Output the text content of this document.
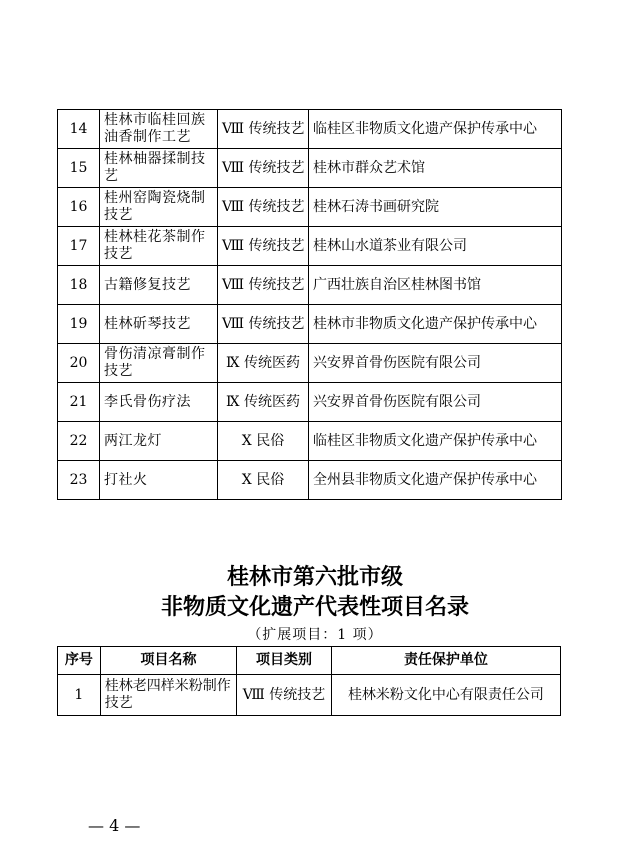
14	桂林市临桂回族油香制作工艺	Ⅷ 传统技艺	临桂区非物质文化遗产保护传承中心
15	桂林柚器揉制技艺	Ⅷ 传统技艺	桂林市群众艺术馆
16	桂州窑陶瓷烧制技艺	Ⅷ 传统技艺	桂林石涛书画研究院
17	桂林桂花茶制作技艺	Ⅷ 传统技艺	桂林山水道茶业有限公司
18	古籍修复技艺	Ⅷ 传统技艺	广西壮族自治区桂林图书馆
19	桂林斫琴技艺	Ⅷ 传统技艺	桂林市非物质文化遗产保护传承中心
20	骨伤清凉膏制作技艺	Ⅸ 传统医药	兴安界首骨伤医院有限公司
21	李氏骨伤疗法	Ⅸ 传统医药	兴安界首骨伤医院有限公司
22	两江龙灯	Ⅹ 民俗	临桂区非物质文化遗产保护传承中心
23	打社火	Ⅹ 民俗	全州县非物质文化遗产保护传承中心
桂林市第六批市级
非物质文化遗产代表性项目名录
（扩展项目：1 项）
序号	项目名称	项目类别	责任保护单位
1	桂林老四样米粉制作技艺	Ⅷ 传统技艺	桂林米粉文化中心有限责任公司
— 4 —
